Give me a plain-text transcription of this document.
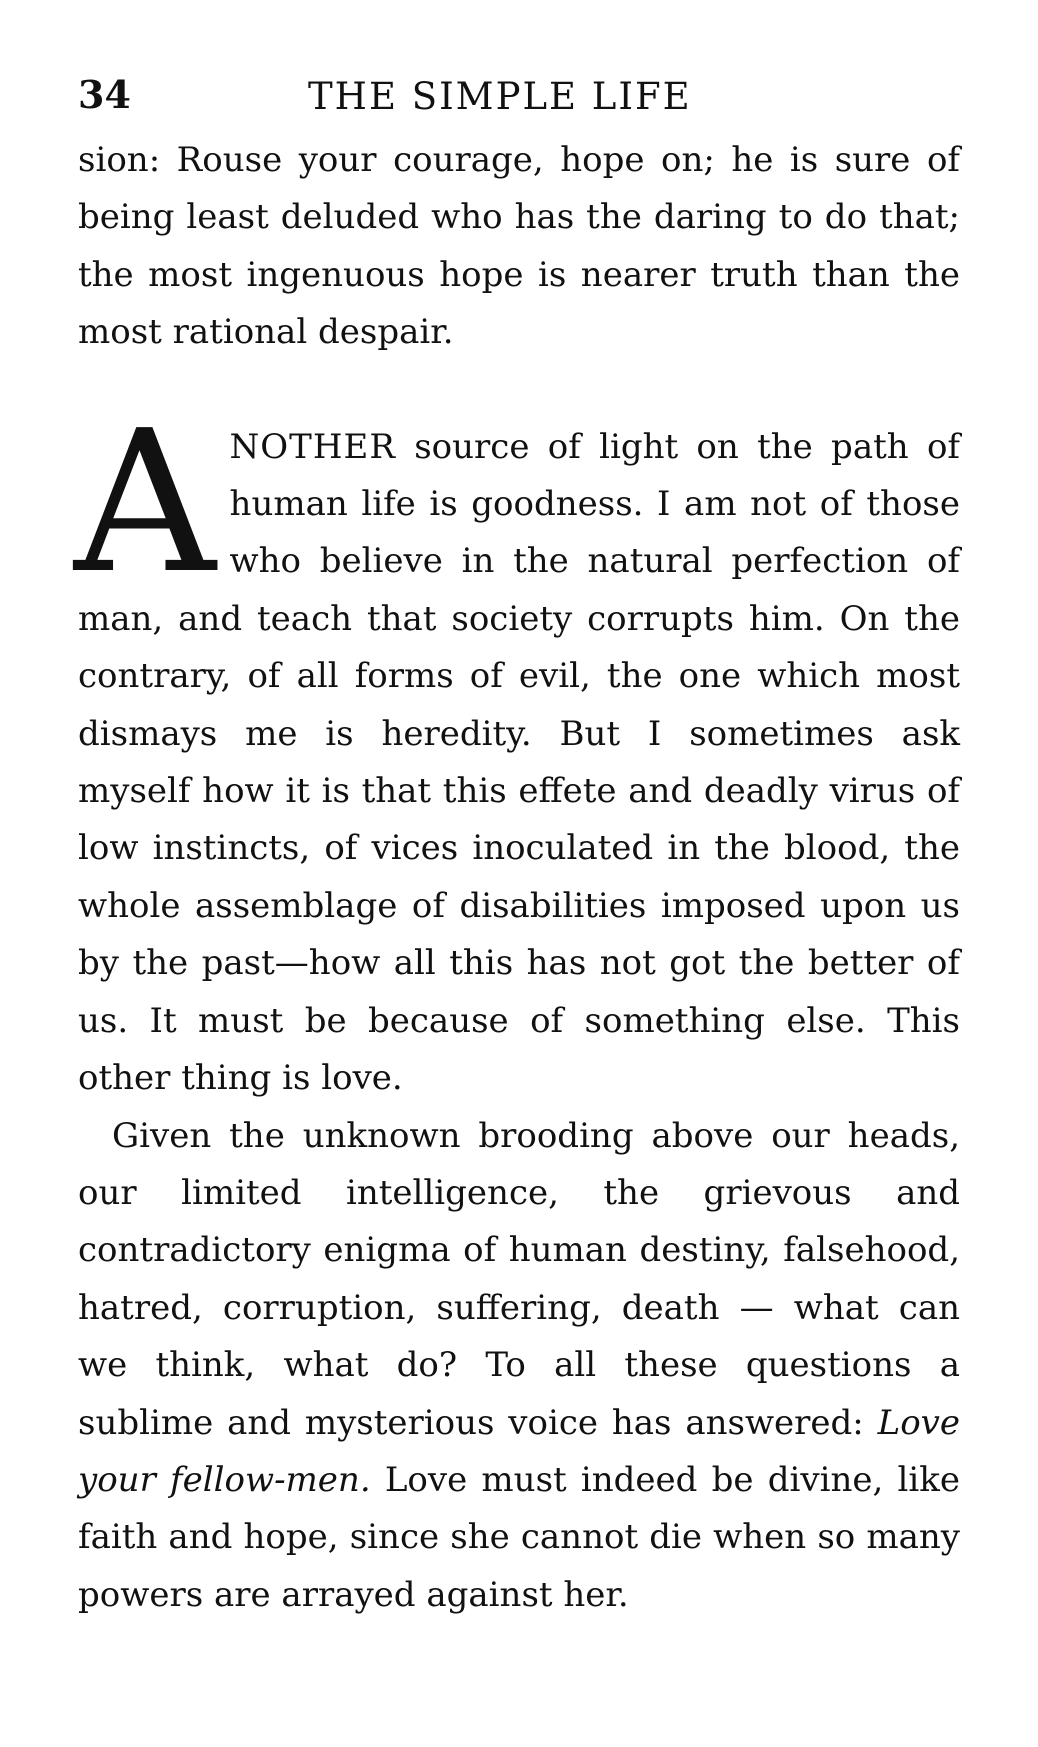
34	THE SIMPLE LIFE

sion: Rouse your courage, hope on; he is sure of being least deluded who has the daring to do that; the most ingenuous hope is nearer truth than the most rational despair.

ANOTHER source of light on the path of human life is goodness. I am not of those who believe in the natural perfection of man, and teach that society corrupts him. On the contrary, of all forms of evil, the one which most dismays me is heredity. But I sometimes ask myself how it is that this effete and deadly virus of low instincts, of vices inoculated in the blood, the whole assemblage of disabilities imposed upon us by the past—how all this has not got the better of us. It must be because of something else. This other thing is love.

Given the unknown brooding above our heads, our limited intelligence, the grievous and contradictory enigma of human destiny, falsehood, hatred, corruption, suffering, death — what can we think, what do? To all these questions a sublime and mysterious voice has answered: Love your fellow-men. Love must indeed be divine, like faith and hope, since she cannot die when so many powers are arrayed against her.
